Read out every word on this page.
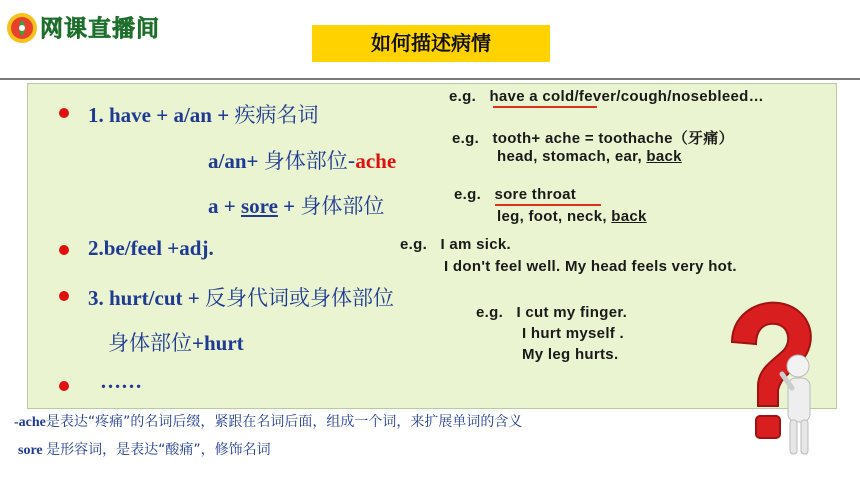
网课直播间
如何描述病情
1. have + a/an + 疾病名词
a/an+ 身体部位-ache
a + sore + 身体部位
2.be/feel +adj.
3. hurt/cut + 反身代词或身体部位
身体部位+hurt
……
e.g. have a cold/fever/cough/nosebleed…
e.g. tooth+ ache = toothache（牙痛）
head, stomach, ear, back
e.g. sore throat
leg, foot, neck, back
e.g. I am sick.
I don't feel well. My head feels very hot.
e.g. I cut my finger.
I hurt myself .
My leg hurts.
-ache是表达“疼痛”的名词后缀，紧跟在名词后面，组成一个词，来扩展单词的含义
sore 是形容词，是表达“酸痛”，修饰名词
